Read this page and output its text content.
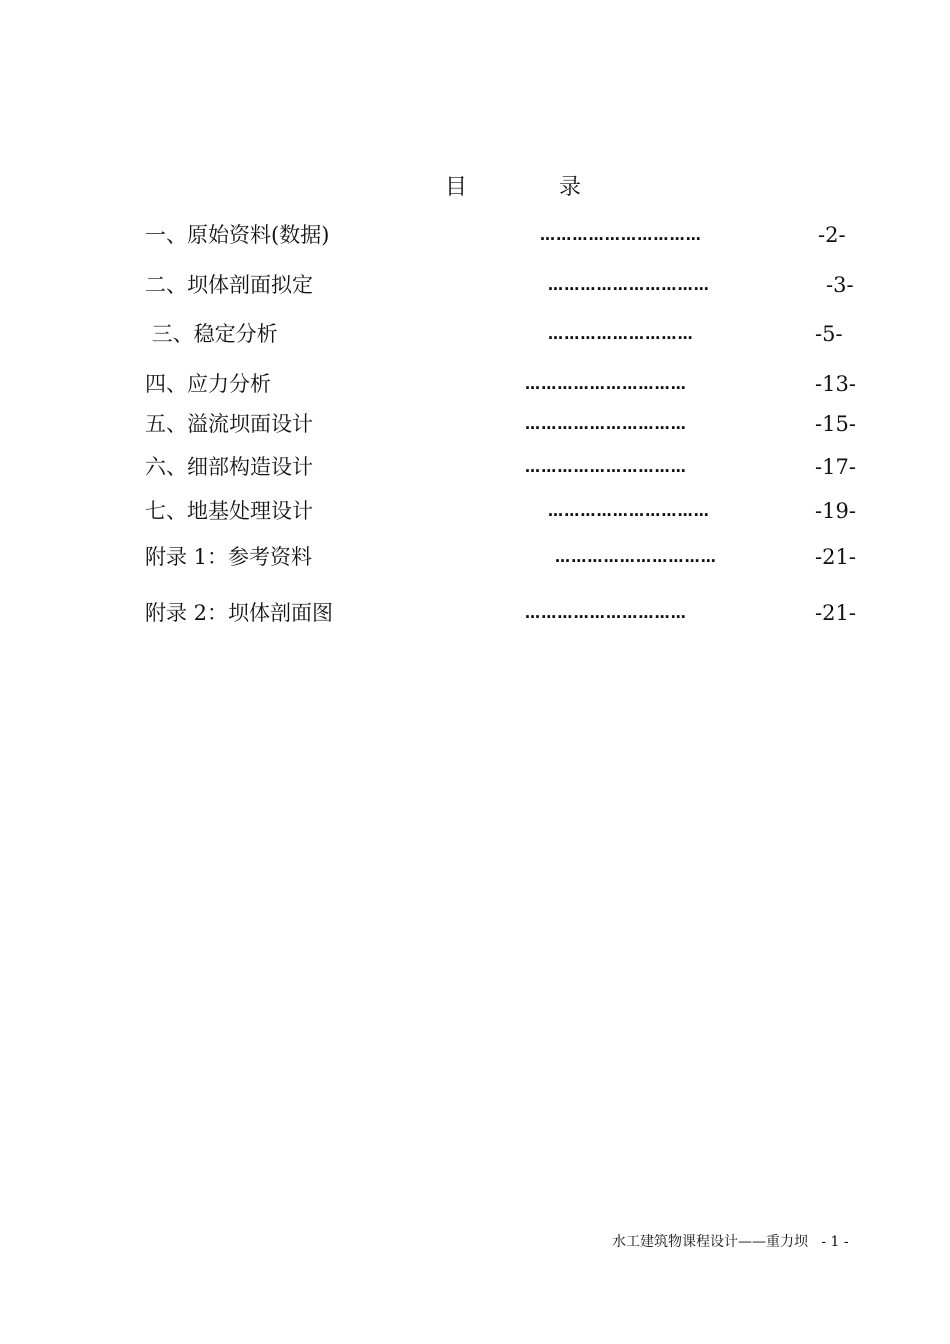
目  录
一、原始资料(数据)	…………………………	-2-
二、坝体剖面拟定	…………………………	-3-
三、稳定分析	………………………	-5-
四、应力分析	…………………………	-13-
五、溢流坝面设计	…………………………	-15-
六、细部构造设计	…………………………	-17-
七、地基处理设计	…………………………	-19-
附录 1：参考资料	…………………………	-21-
附录 2：坝体剖面图	…………………………	-21-
水工建筑物课程设计——重力坝   - 1 -
